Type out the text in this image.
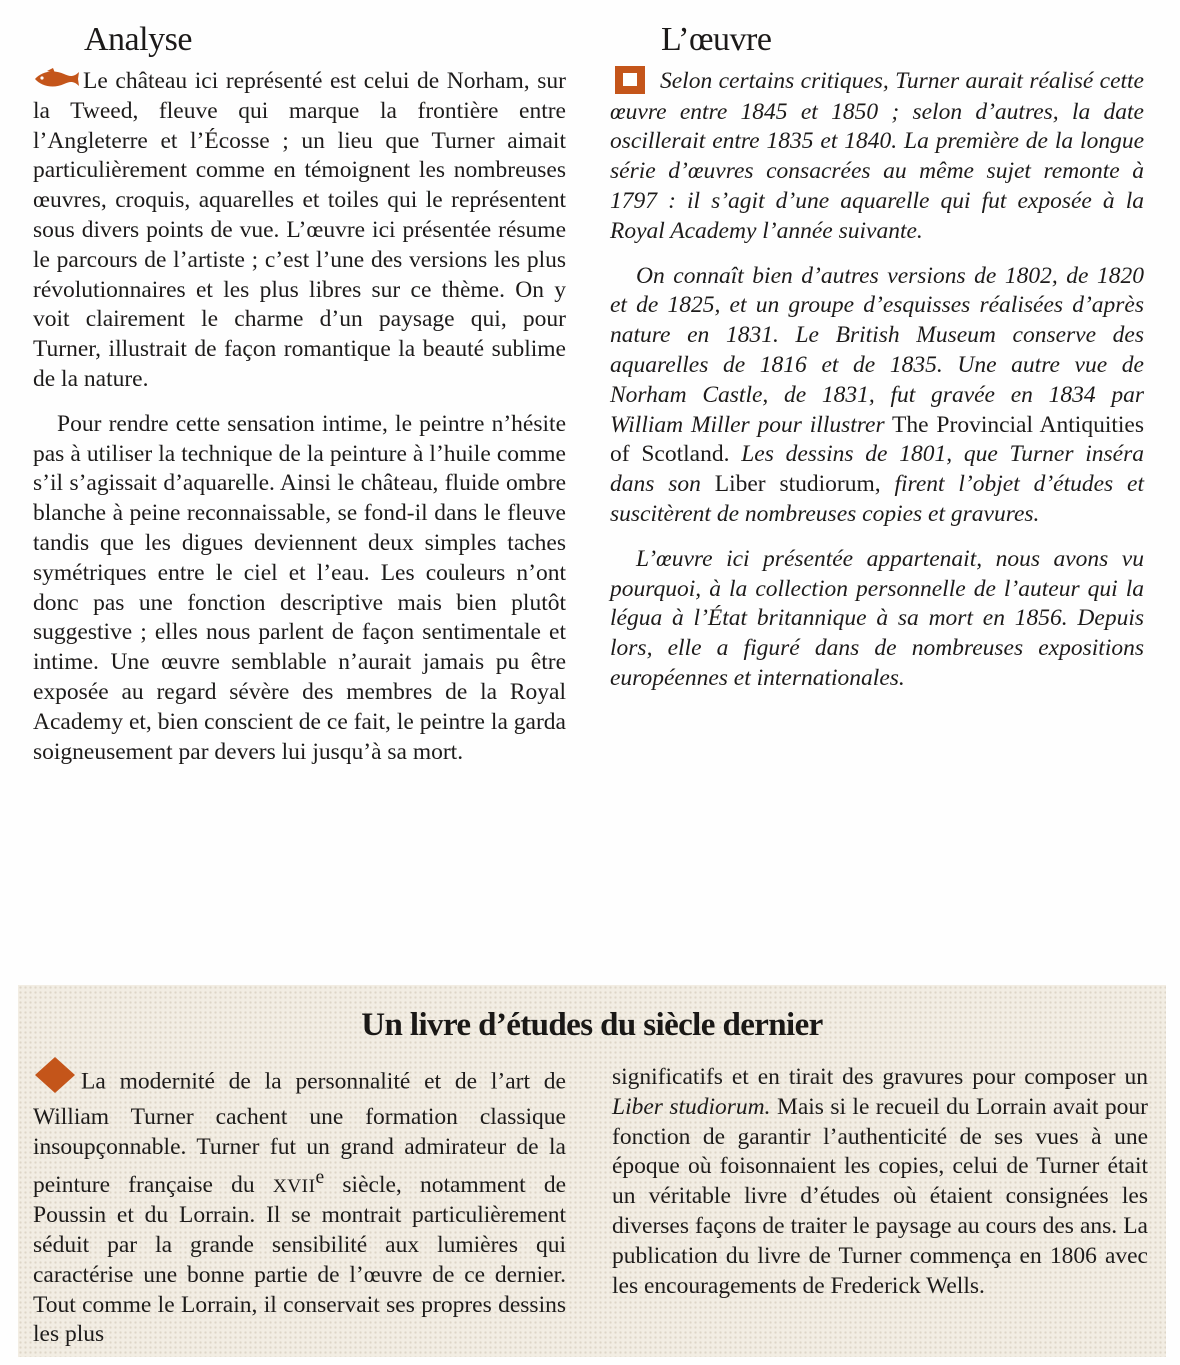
Analyse	L’œuvre

Le château ici représenté est celui de Norham, sur la Tweed, fleuve qui marque la frontière entre l’Angleterre et l’Écosse ; un lieu que Turner aimait particulièrement comme en témoignent les nombreuses œuvres, croquis, aquarelles et toiles qui le représentent sous divers points de vue. L’œuvre ici présentée résume le parcours de l’artiste ; c’est l’une des versions les plus révolutionnaires et les plus libres sur ce thème. On y voit clairement le charme d’un paysage qui, pour Turner, illustrait de façon romantique la beauté sublime de la nature.

Pour rendre cette sensation intime, le peintre n’hésite pas à utiliser la technique de la peinture à l’huile comme s’il s’agissait d’aquarelle. Ainsi le château, fluide ombre blanche à peine reconnaissable, se fond-il dans le fleuve tandis que les digues deviennent deux simples taches symétriques entre le ciel et l’eau. Les couleurs n’ont donc pas une fonction descriptive mais bien plutôt suggestive ; elles nous parlent de façon sentimentale et intime. Une œuvre semblable n’aurait jamais pu être exposée au regard sévère des membres de la Royal Academy et, bien conscient de ce fait, le peintre la garda soigneusement par devers lui jusqu’à sa mort.

Selon certains critiques, Turner aurait réalisé cette œuvre entre 1845 et 1850 ; selon d’autres, la date oscillerait entre 1835 et 1840. La première de la longue série d’œuvres consacrées au même sujet remonte à 1797 : il s’agit d’une aquarelle qui fut exposée à la Royal Academy l’année suivante.

On connaît bien d’autres versions de 1802, de 1820 et de 1825, et un groupe d’esquisses réalisées d’après nature en 1831. Le British Museum conserve des aquarelles de 1816 et de 1835. Une autre vue de Norham Castle, de 1831, fut gravée en 1834 par William Miller pour illustrer The Provincial Antiquities of Scotland. Les dessins de 1801, que Turner inséra dans son Liber studiorum, firent l’objet d’études et suscitèrent de nombreuses copies et gravures.

L’œuvre ici présentée appartenait, nous avons vu pourquoi, à la collection personnelle de l’auteur qui la légua à l’État britannique à sa mort en 1856. Depuis lors, elle a figuré dans de nombreuses expositions européennes et internationales.

Un livre d’études du siècle dernier

La modernité de la personnalité et de l’art de William Turner cachent une formation classique insoupçonnable. Turner fut un grand admirateur de la peinture française du XVIIe siècle, notamment de Poussin et du Lorrain. Il se montrait particulièrement séduit par la grande sensibilité aux lumières qui caractérise une bonne partie de l’œuvre de ce dernier. Tout comme le Lorrain, il conservait ses propres dessins les plus

significatifs et en tirait des gravures pour composer un Liber studiorum. Mais si le recueil du Lorrain avait pour fonction de garantir l’authenticité de ses vues à une époque où foisonnaient les copies, celui de Turner était un véritable livre d’études où étaient consignées les diverses façons de traiter le paysage au cours des ans. La publication du livre de Turner commença en 1806 avec les encouragements de Frederick Wells.
